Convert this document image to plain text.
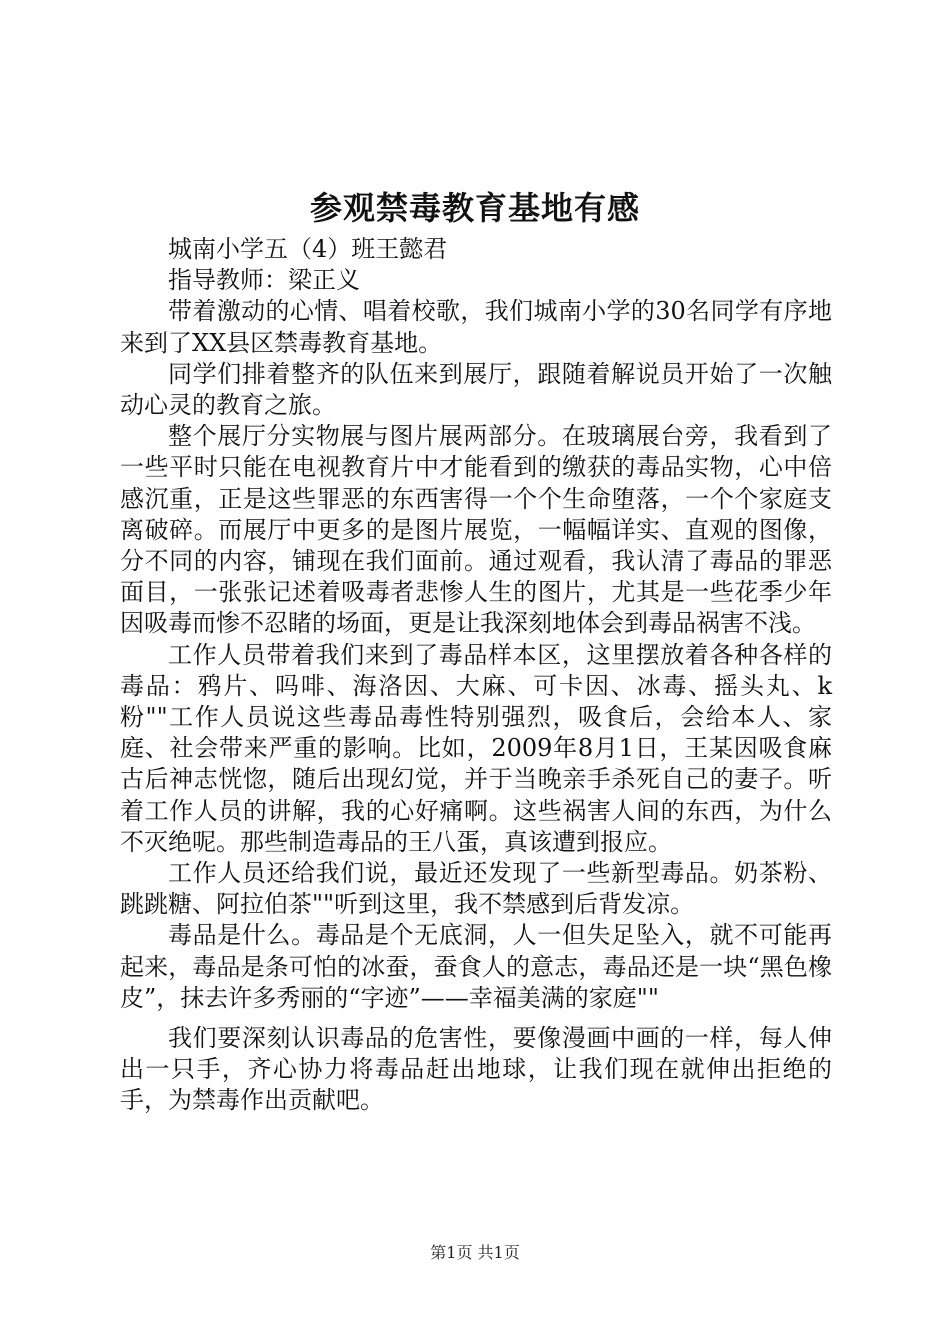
参观禁毒教育基地有感

城南小学五（4）班王懿君

指导教师：梁正义

带着激动的心情、唱着校歌，我们城南小学的30名同学有序地来到了XX县区禁毒教育基地。

同学们排着整齐的队伍来到展厅，跟随着解说员开始了一次触动心灵的教育之旅。

整个展厅分实物展与图片展两部分。在玻璃展台旁，我看到了一些平时只能在电视教育片中才能看到的缴获的毒品实物，心中倍感沉重，正是这些罪恶的东西害得一个个生命堕落，一个个家庭支离破碎。而展厅中更多的是图片展览，一幅幅详实、直观的图像，分不同的内容，铺现在我们面前。通过观看，我认清了毒品的罪恶面目，一张张记述着吸毒者悲惨人生的图片，尤其是一些花季少年因吸毒而惨不忍睹的场面，更是让我深刻地体会到毒品祸害不浅。

工作人员带着我们来到了毒品样本区，这里摆放着各种各样的毒品：鸦片、吗啡、海洛因、大麻、可卡因、冰毒、摇头丸、k粉""工作人员说这些毒品毒性特别强烈，吸食后，会给本人、家庭、社会带来严重的影响。比如，2009年8月1日，王某因吸食麻古后神志恍惚，随后出现幻觉，并于当晚亲手杀死自己的妻子。听着工作人员的讲解，我的心好痛啊。这些祸害人间的东西，为什么不灭绝呢。那些制造毒品的王八蛋，真该遭到报应。

工作人员还给我们说，最近还发现了一些新型毒品。奶茶粉、跳跳糖、阿拉伯茶""听到这里，我不禁感到后背发凉。

毒品是什么。毒品是个无底洞，人一但失足坠入，就不可能再起来，毒品是条可怕的冰蚕，蚕食人的意志，毒品还是一块“黑色橡皮”，抹去许多秀丽的“字迹”——幸福美满的家庭""

我们要深刻认识毒品的危害性，要像漫画中画的一样，每人伸出一只手，齐心协力将毒品赶出地球，让我们现在就伸出拒绝的手，为禁毒作出贡献吧。

第1页 共1页
